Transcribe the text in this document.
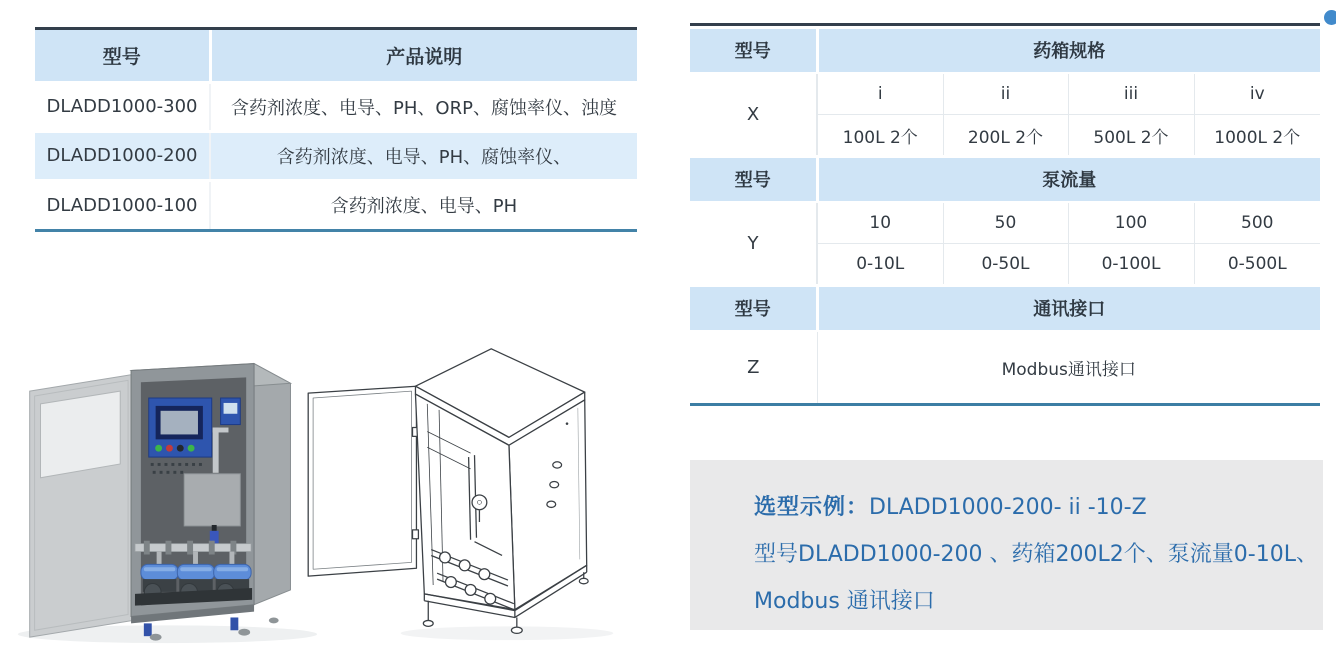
型号	产品说明
DLADD1000-300	含药剂浓度、电导、PH、ORP、腐蚀率仪、浊度
DLADD1000-200	含药剂浓度、电导、PH、腐蚀率仪、
DLADD1000-100	含药剂浓度、电导、PH
型号	药箱规格			
X	i	ii	iii	iv
	100L 2个	200L 2个	500L 2个	1000L 2个
型号	泵流量			
Y	10	50	100	500
	0-10L	0-50L	0-100L	0-500L
型号	通讯接口			
Z	Modbus通讯接口			
选型示例：DLADD1000-200- ii -10-Z
型号DLADD1000-200 、药箱200L2个、泵流量0-10L、
Modbus 通讯接口
